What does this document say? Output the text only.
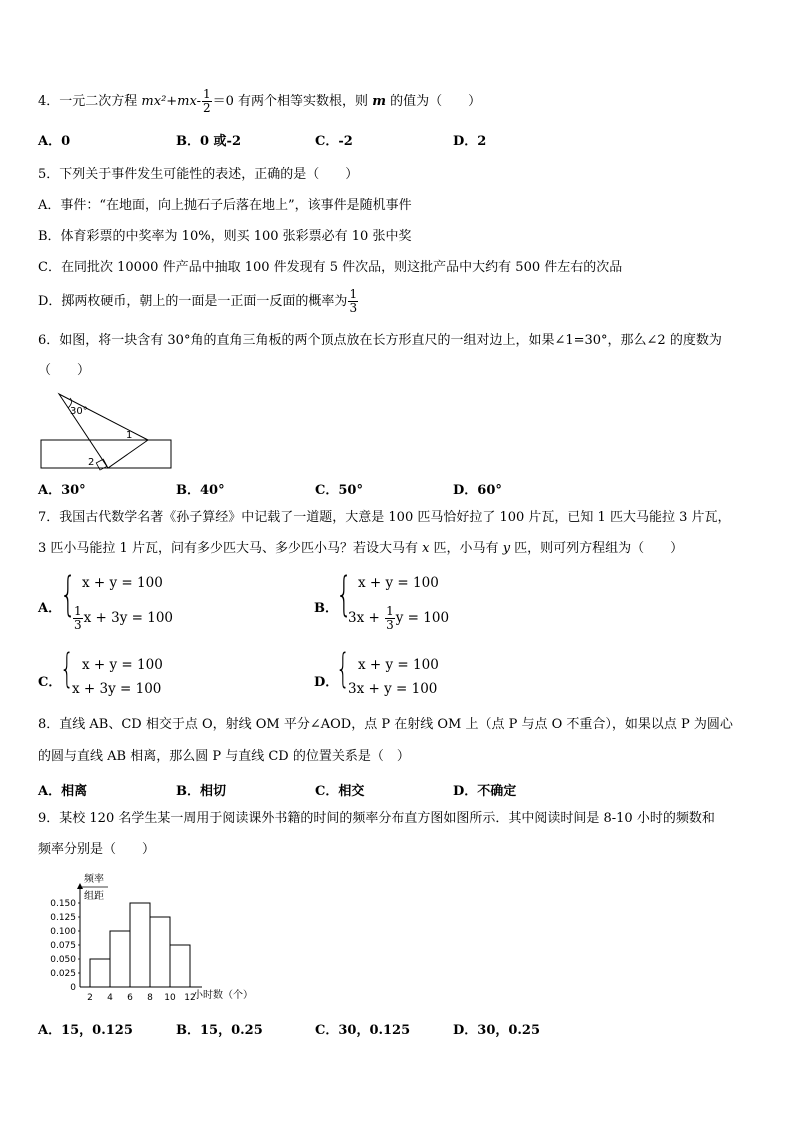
4．一元二次方程 $mx^2+mx- \frac{1}{2} =0$ 有两个相等实数根，则 m 的值为（　　）
A．0	B．0 或-2	C．-2	D．2
5．下列关于事件发生可能性的表述，正确的是（　　）
A．事件：“在地面，向上抛石子后落在地上”，该事件是随机事件
B．体育彩票的中奖率为 10%，则买 100 张彩票必有 10 张中奖
C．在同批次 10000 件产品中抽取 100 件发现有 5 件次品，则这批产品中大约有 500 件左右的次品
D．掷两枚硬币，朝上的一面是一正面一反面的概率为 $\frac{1}{3}$
6．如图，将一块含有 30°角的直角三角板的两个顶点放在长方形直尺的一组对边上，如果∠1=30°，那么∠2 的度数为
（　　）
30°
1
2
A．30°	B．40°	C．50°	D．60°
7．我国古代数学名著《孙子算经》中记载了一道题，大意是 100 匹马恰好拉了 100 片瓦，已知 1 匹大马能拉 3 片瓦，
3 匹小马能拉 1 片瓦，问有多少匹大马、多少匹小马？若设大马有 x 匹，小马有 y 匹，则可列方程组为（　　）
A．
{ x + y = 100
$\frac{1}{3}$ x + 3y = 100
B．
{ x + y = 100
$3x + \frac{1}{3}$ y = 100
C．
{ x + y = 100
x + 3y = 100	D．
{ x + y = 100
3x + y = 100
8．直线 AB、CD 相交于点 O，射线 OM 平分∠AOD，点 P 在射线 OM 上（点 P 与点 O 不重合），如果以点 P 为圆心
的圆与直线 AB 相离，那么圆 P 与直线 CD 的位置关系是（　）
A．相离	B．相切	C．相交	D．不确定
9．某校 120 名学生某一周用于阅读课外书籍的时间的频率分布直方图如图所示．其中阅读时间是 8-10 小时的频数和
频率分别是（　　）
频率
组距
0
0.025
0.050
0.075
0.100
0.125
0.150
2 4 6 8 10 12
小时数（个）
A．15，0.125	B．15，0.25	C．30，0.125	D．30，0.25
